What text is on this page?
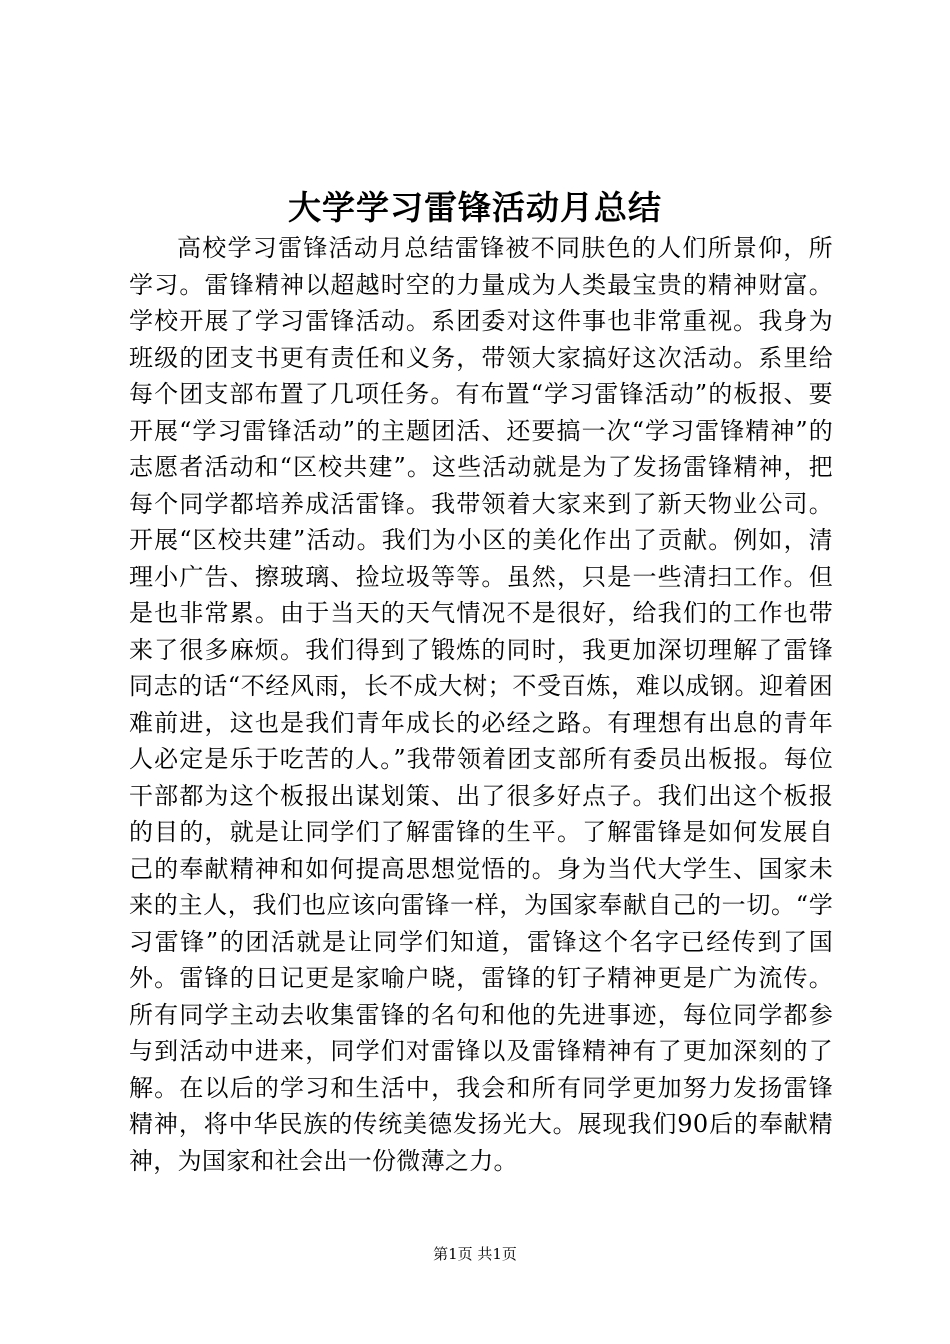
大学学习雷锋活动月总结

高校学习雷锋活动月总结雷锋被不同肤色的人们所景仰，所学习。雷锋精神以超越时空的力量成为人类最宝贵的精神财富。学校开展了学习雷锋活动。系团委对这件事也非常重视。我身为班级的团支书更有责任和义务，带领大家搞好这次活动。系里给每个团支部布置了几项任务。有布置“学习雷锋活动”的板报、要开展“学习雷锋活动”的主题团活、还要搞一次“学习雷锋精神”的志愿者活动和“区校共建”。这些活动就是为了发扬雷锋精神，把每个同学都培养成活雷锋。我带领着大家来到了新天物业公司。开展“区校共建”活动。我们为小区的美化作出了贡献。例如，清理小广告、擦玻璃、捡垃圾等等。虽然，只是一些清扫工作。但是也非常累。由于当天的天气情况不是很好，给我们的工作也带来了很多麻烦。我们得到了锻炼的同时，我更加深切理解了雷锋同志的话“不经风雨，长不成大树；不受百炼，难以成钢。迎着困难前进，这也是我们青年成长的必经之路。有理想有出息的青年人必定是乐于吃苦的人。”我带领着团支部所有委员出板报。每位干部都为这个板报出谋划策、出了很多好点子。我们出这个板报的目的，就是让同学们了解雷锋的生平。了解雷锋是如何发展自己的奉献精神和如何提高思想觉悟的。身为当代大学生、国家未来的主人，我们也应该向雷锋一样，为国家奉献自己的一切。“学习雷锋”的团活就是让同学们知道，雷锋这个名字已经传到了国外。雷锋的日记更是家喻户晓，雷锋的钉子精神更是广为流传。所有同学主动去收集雷锋的名句和他的先进事迹，每位同学都参与到活动中进来，同学们对雷锋以及雷锋精神有了更加深刻的了解。在以后的学习和生活中，我会和所有同学更加努力发扬雷锋精神，将中华民族的传统美德发扬光大。展现我们90后的奉献精神，为国家和社会出一份微薄之力。

第1页 共1页
